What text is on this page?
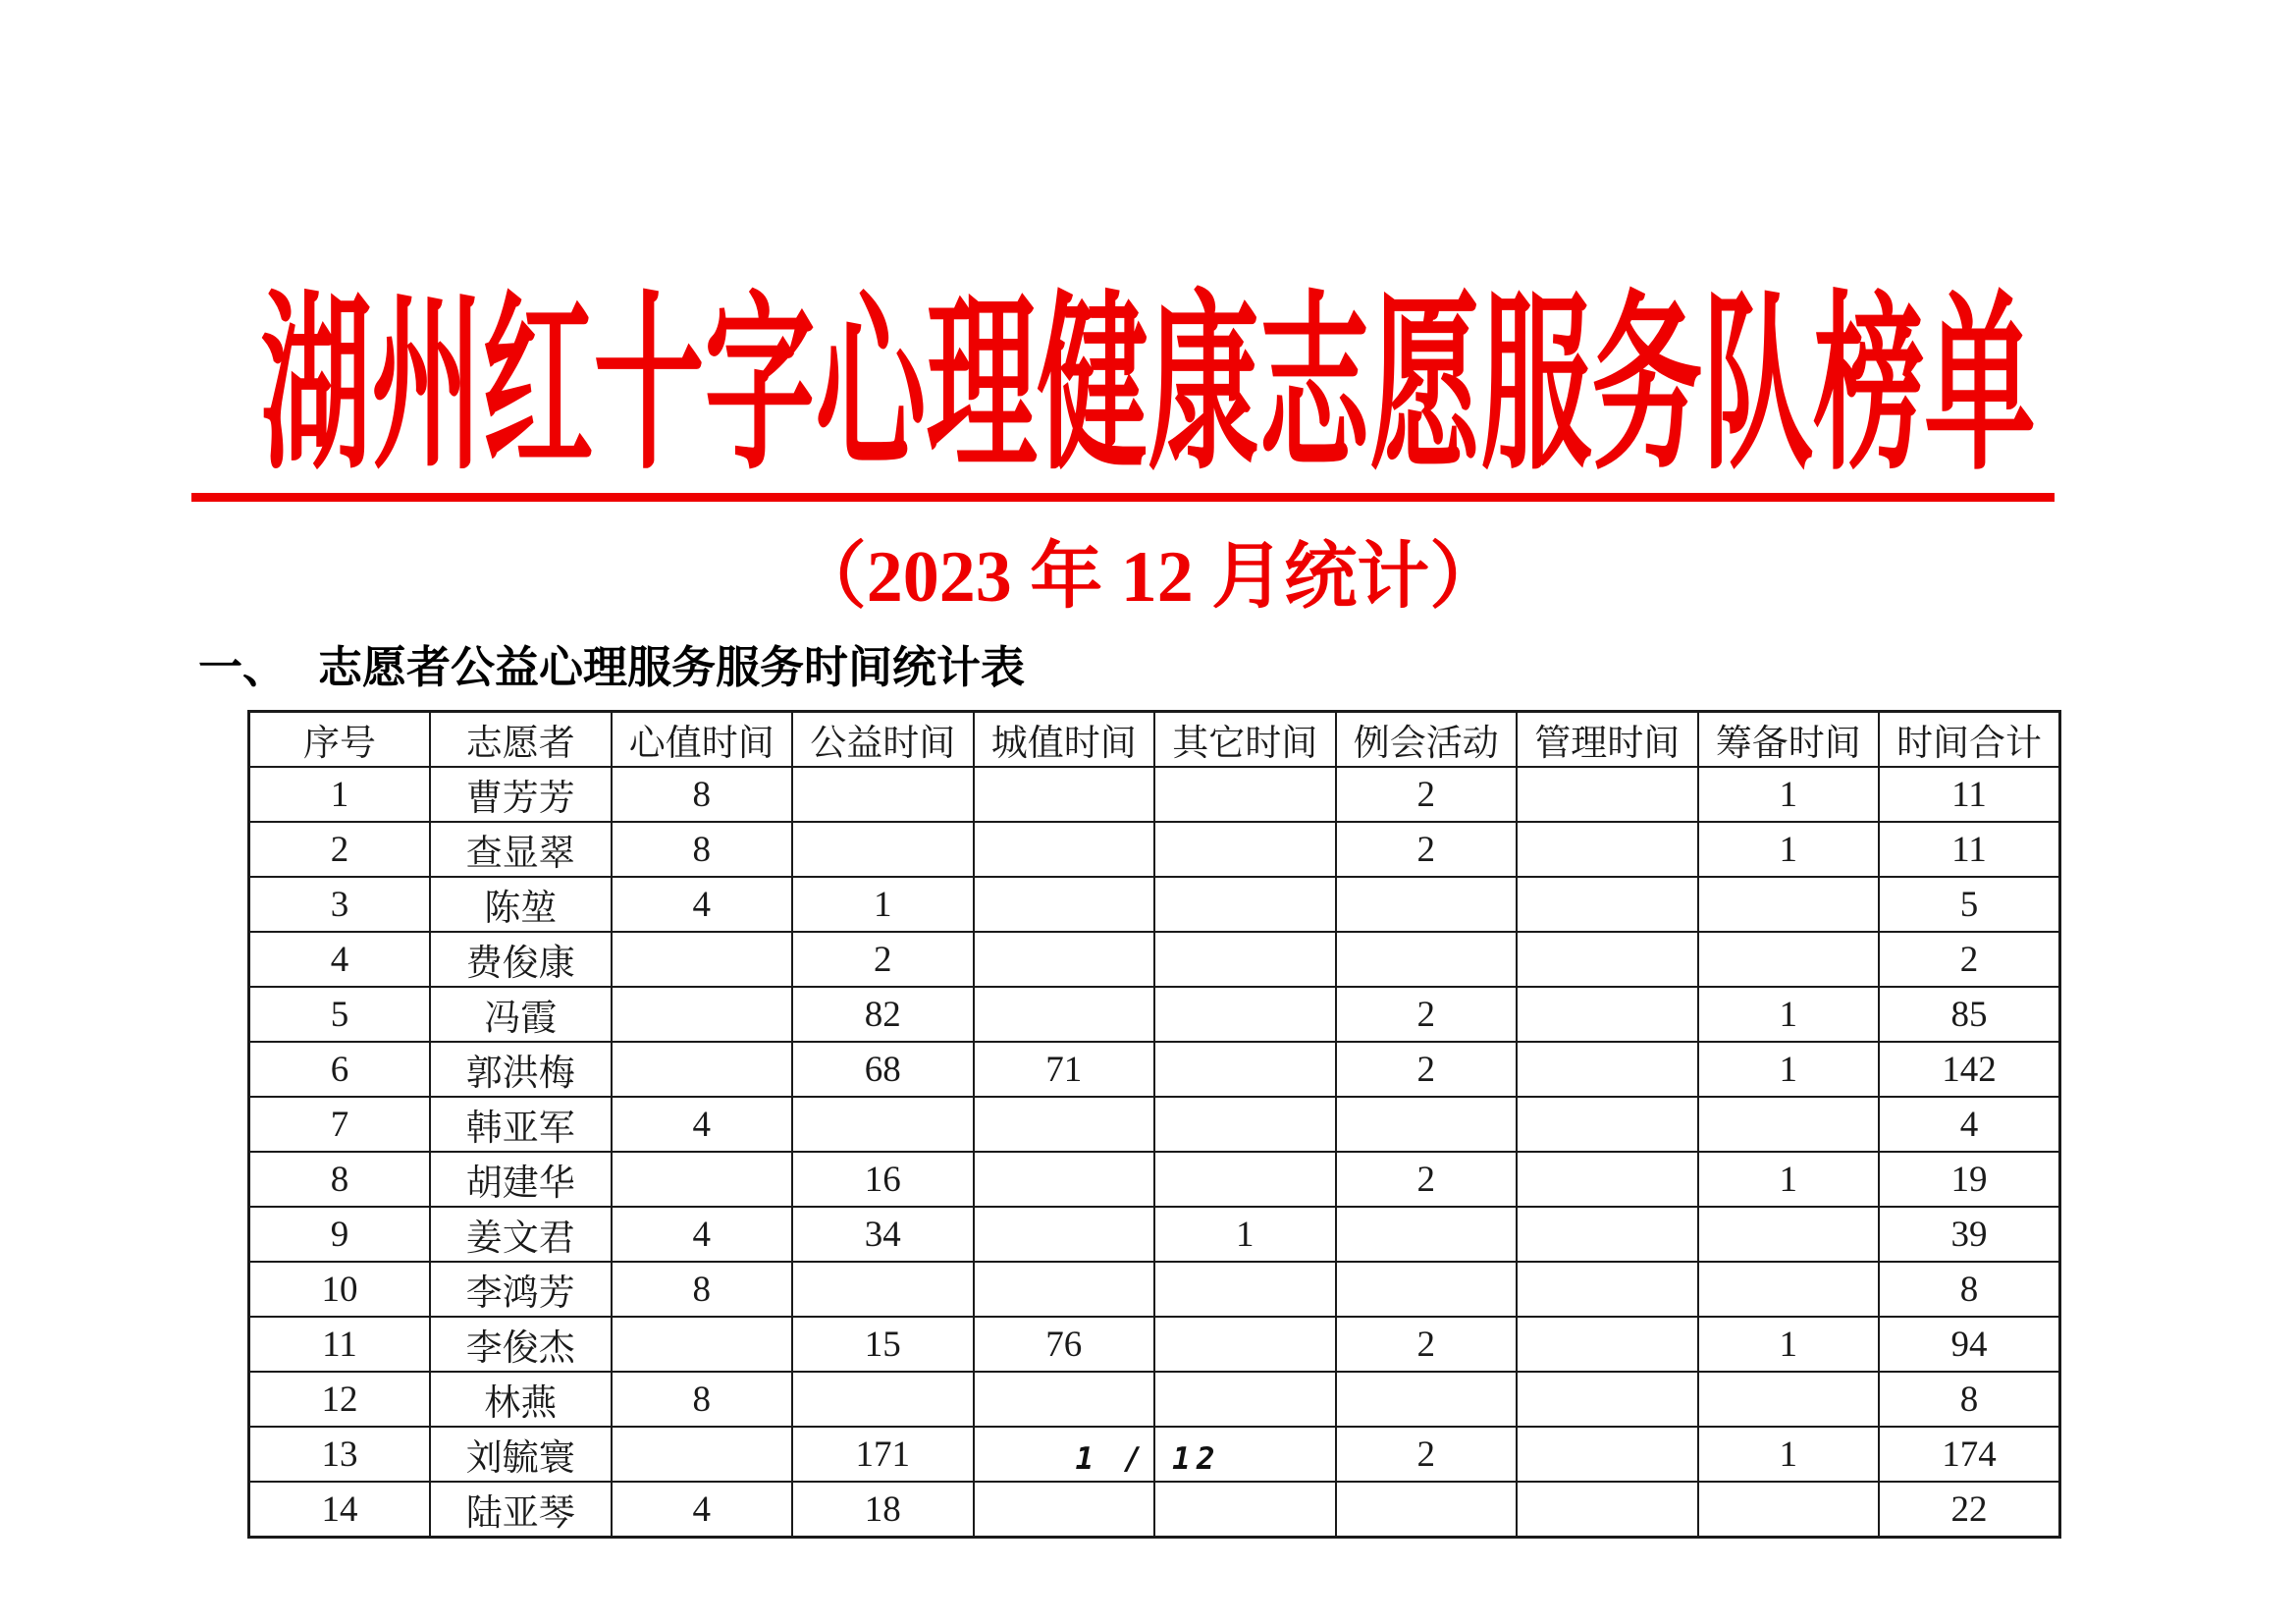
湖州红十字心理健康志愿服务队榜单
（2023 年 12 月统计）
一、 志愿者公益心理服务服务时间统计表
序号	志愿者	心值时间	公益时间	城值时间	其它时间	例会活动	管理时间	筹备时间	时间合计
1	曹芳芳	8				2		1	11
2	查显翠	8				2		1	11
3	陈堃	4	1						5
4	费俊康		2						2
5	冯霞		82			2		1	85
6	郭洪梅		68	71		2		1	142
7	韩亚军	4							4
8	胡建华		16			2		1	19
9	姜文君	4	34		1				39
10	李鸿芳	8							8
11	李俊杰		15	76		2		1	94
12	林燕	8							8
13	刘毓寰		171			2		1	174
14	陆亚琴	4	18						22
1 / 12
